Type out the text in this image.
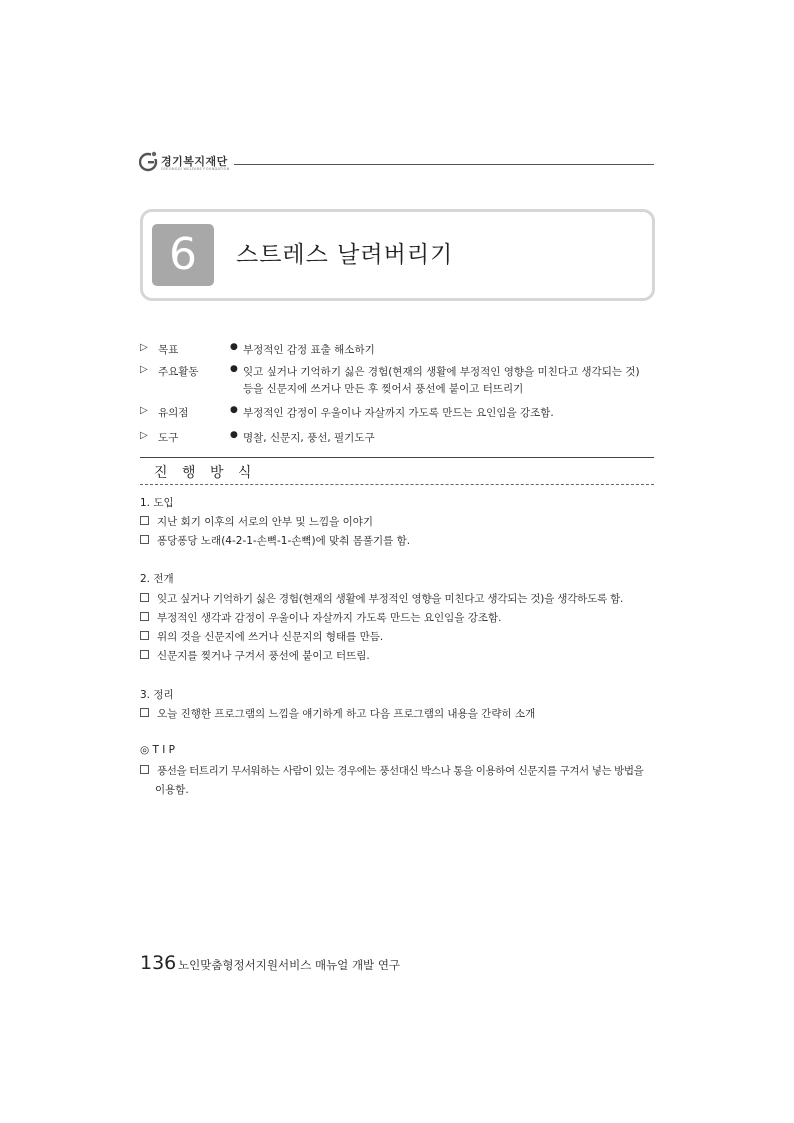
경기복지재단
GYEONGGI WELFARE FOUNDATION
6	스트레스 날려버리기
▷ 목표	● 부정적인 감정 표출 해소하기
▷ 주요활동	● 잊고 싶거나 기억하기 싫은 경험(현재의 생활에 부정적인 영향을 미친다고 생각되는 것)
등을 신문지에 쓰거나 만든 후 찢어서 풍선에 붙이고 터뜨리기
▷ 유의점	● 부정적인 감정이 우울이나 자살까지 가도록 만드는 요인임을 강조함.
▷ 도구	● 명찰, 신문지, 풍선, 필기도구
진 행 방 식
1. 도입
지난 회기 이후의 서로의 안부 및 느낌을 이야기
퐁당퐁당 노래(4-2-1-손뼉-1-손뼉)에 맞춰 몸풀기를 함.
2. 전개
잊고 싶거나 기억하기 싫은 경험(현재의 생활에 부정적인 영향을 미친다고 생각되는 것)을 생각하도록 함.
부정적인 생각과 감정이 우울이나 자살까지 가도록 만드는 요인임을 강조함.
위의 것을 신문지에 쓰거나 신문지의 형태를 만듬.
신문지를 찢거나 구겨서 풍선에 붙이고 터뜨림.
3. 정리
오늘 진행한 프로그램의 느낌을 얘기하게 하고 다음 프로그램의 내용을 간략히 소개
◎ T I P
풍선을 터트리기 무서워하는 사람이 있는 경우에는 풍선대신 박스나 통을 이용하여 신문지를 구겨서 넣는 방법을
이용함.
136 노인맞춤형정서지원서비스 매뉴얼 개발 연구
